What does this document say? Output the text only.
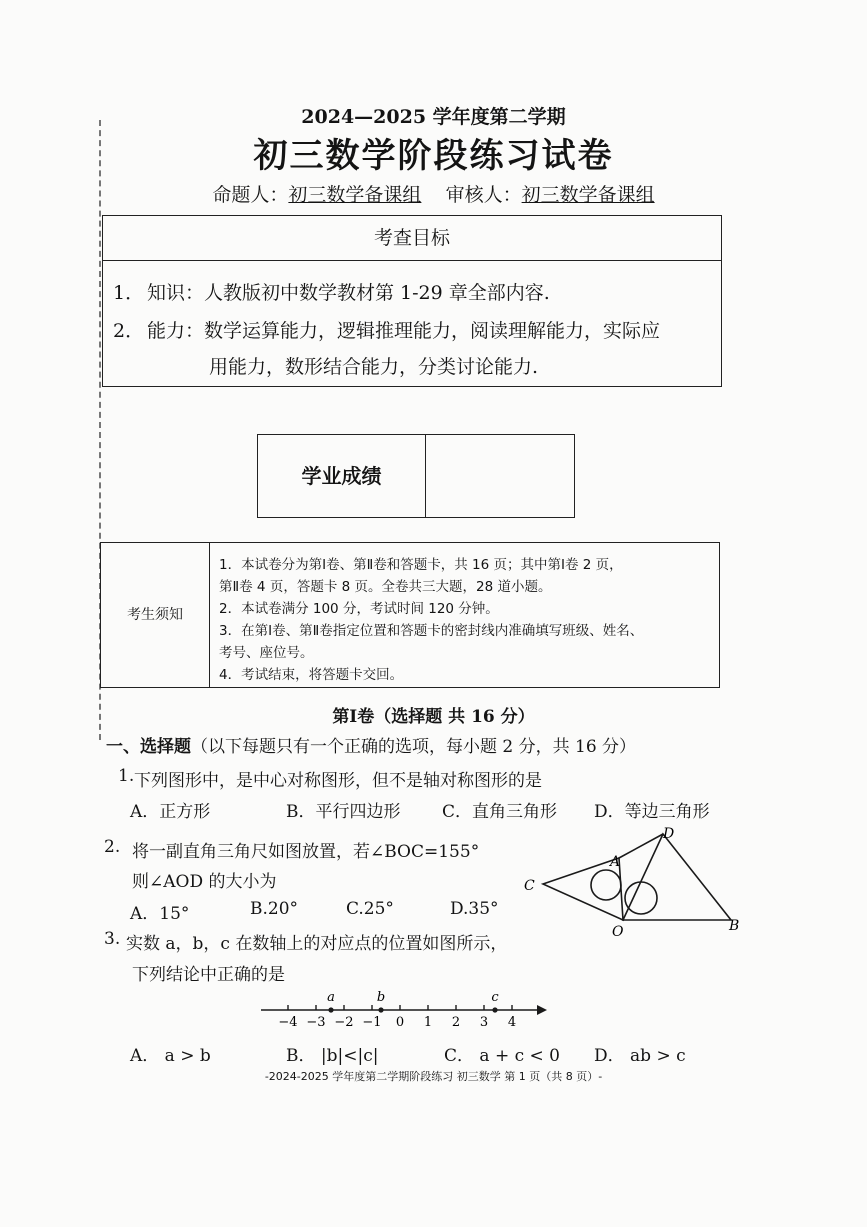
2024—2025 学年度第二学期
初三数学阶段练习试卷
命题人：初三数学备课组 审核人：初三数学备课组
考查目标
1． 知识：人教版初中数学教材第 1-29 章全部内容.
2． 能力：数学运算能力，逻辑推理能力，阅读理解能力，实际应
用能力，数形结合能力，分类讨论能力.
学业成绩
考生须知
1．本试卷分为第Ⅰ卷、第Ⅱ卷和答题卡，共 16 页；其中第Ⅰ卷 2 页，
第Ⅱ卷 4 页，答题卡 8 页。全卷共三大题，28 道小题。
2．本试卷满分 100 分，考试时间 120 分钟。
3．在第Ⅰ卷、第Ⅱ卷指定位置和答题卡的密封线内准确填写班级、姓名、
考号、座位号。
4．考试结束，将答题卡交回。
第Ⅰ卷（选择题 共 16 分）
一、选择题（以下每题只有一个正确的选项，每小题 2 分，共 16 分）
1. 下列图形中，是中心对称图形，但不是轴对称图形的是
A．正方形	B．平行四边形 C．直角三角形 D．等边三角形
2. 将一副直角三角尺如图放置，若∠BOC=155°
则∠AOD 的大小为
A．15°	B.20°	C.25°	D.35°
D
A
C
O	B
3. 实数 a，b，c 在数轴上的对应点的位置如图所示，
下列结论中正确的是
−4 −3 −2 −1 0 1 2 3 4
a	b	c
A． a > b	B． |b|<|c|	C． a + c < 0 D． ab > c
-2024-2025 学年度第二学期阶段练习 初三数学 第 1 页（共 8 页）-
